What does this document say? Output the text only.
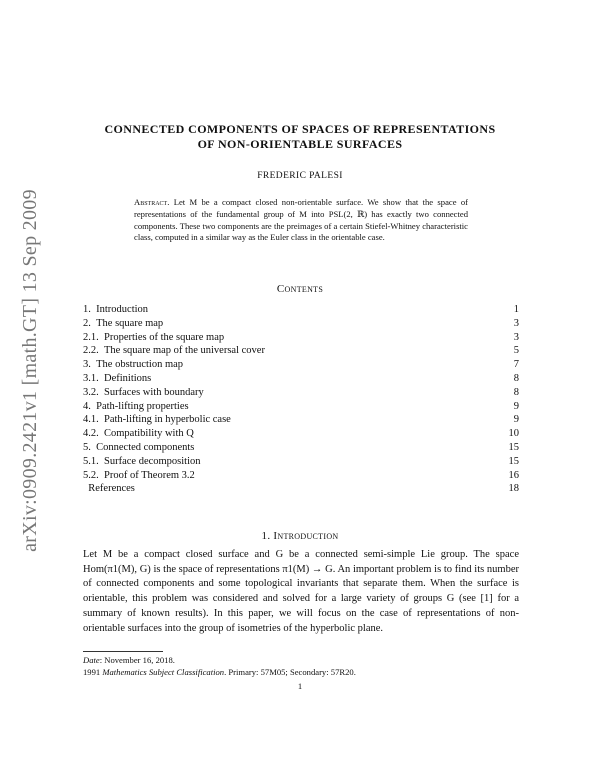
arXiv:0909.2421v1 [math.GT] 13 Sep 2009
CONNECTED COMPONENTS OF SPACES OF REPRESENTATIONS
OF NON-ORIENTABLE SURFACES
FREDERIC PALESI
Abstract. Let M be a compact closed non-orientable surface. We show that the space of representations of the fundamental group of M into PSL(2, ℝ) has exactly two connected components. These two components are the preimages of a certain Stiefel-Whitney characteristic class, computed in a similar way as the Euler class in the orientable case.
Contents
1. Introduction	1
2. The square map	3
2.1. Properties of the square map	3
2.2. The square map of the universal cover	5
3. The obstruction map	7
3.1. Definitions	8
3.2. Surfaces with boundary	8
4. Path-lifting properties	9
4.1. Path-lifting in hyperbolic case	9
4.2. Compatibility with Q	10
5. Connected components	15
5.1. Surface decomposition	15
5.2. Proof of Theorem 3.2	16
References	18
1. Introduction
Let M be a compact closed surface and G be a connected semi-simple Lie group. The space Hom(π1(M), G) is the space of representations π1(M) → G. An important problem is to find its number of connected components and some topological invariants that separate them. When the surface is orientable, this problem was considered and solved for a large variety of groups G (see [1] for a summary of known results). In this paper, we will focus on the case of representations of non-orientable surfaces into the group of isometries of the hyperbolic plane.
Date: November 16, 2018.
1991 Mathematics Subject Classification. Primary: 57M05; Secondary: 57R20.
1
